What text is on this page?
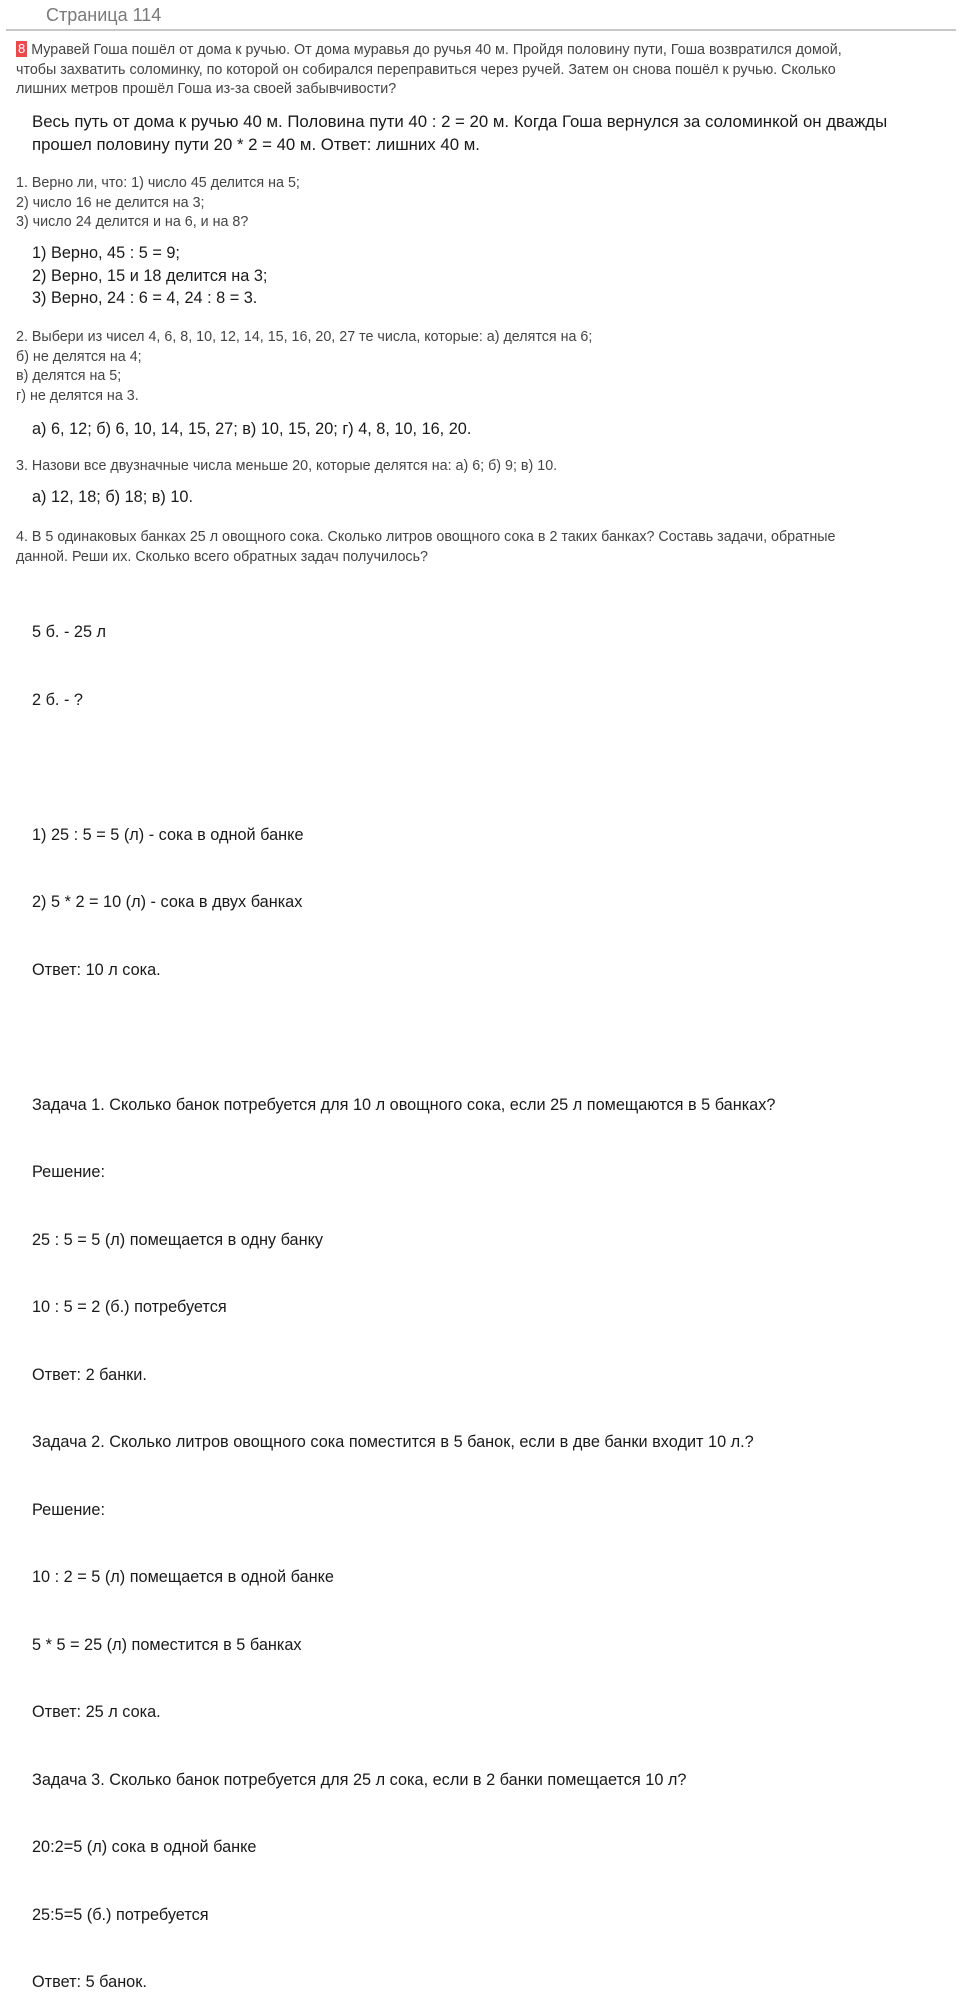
Страница 114
8 Муравей Гоша пошёл от дома к ручью. От дома муравья до ручья 40 м. Пройдя половину пути, Гоша возвратился домой,
чтобы захватить соломинку, по которой он собирался переправиться через ручей. Затем он снова пошёл к ручью. Сколько
лишних метров прошёл Гоша из-за своей забывчивости?
Весь путь от дома к ручью 40 м. Половина пути 40 : 2 = 20 м. Когда Гоша вернулся за соломинкой он дважды
прошел половину пути 20 * 2 = 40 м. Ответ: лишних 40 м.
1. Верно ли, что: 1) число 45 делится на 5;
2) число 16 не делится на 3;
3) число 24 делится и на 6, и на 8?
1) Верно, 45 : 5 = 9;
2) Верно, 15 и 18 делится на 3;
3) Верно, 24 : 6 = 4, 24 : 8 = 3.
2. Выбери из чисел 4, 6, 8, 10, 12, 14, 15, 16, 20, 27 те числа, которые: а) делятся на 6;
б) не делятся на 4;
в) делятся на 5;
г) не делятся на 3.
а) 6, 12; б) 6, 10, 14, 15, 27; в) 10, 15, 20; г) 4, 8, 10, 16, 20.
3. Назови все двузначные числа меньше 20, которые делятся на: а) 6; б) 9; в) 10.
а) 12, 18; б) 18; в) 10.
4. В 5 одинаковых банках 25 л овощного сока. Сколько литров овощного сока в 2 таких банках? Составь задачи, обратные
данной. Реши их. Сколько всего обратных задач получилось?

5 б. - 25 л

2 б. - ?

1) 25 : 5 = 5 (л) - сока в одной банке

2) 5 * 2 = 10 (л) - сока в двух банках

Ответ: 10 л сока.

Задача 1. Сколько банок потребуется для 10 л овощного сока, если 25 л помещаются в 5 банках?

Решение:

25 : 5 = 5 (л) помещается в одну банку

10 : 5 = 2 (б.) потребуется

Ответ: 2 банки.

Задача 2. Сколько литров овощного сока поместится в 5 банок, если в две банки входит 10 л.?

Решение:

10 : 2 = 5 (л) помещается в одной банке

5 * 5 = 25 (л) поместится в 5 банках

Ответ: 25 л сока.

Задача 3. Сколько банок потребуется для 25 л сока, если в 2 банки помещается 10 л?

20:2=5 (л) сока в одной банке

25:5=5 (б.) потребуется

Ответ: 5 банок.
